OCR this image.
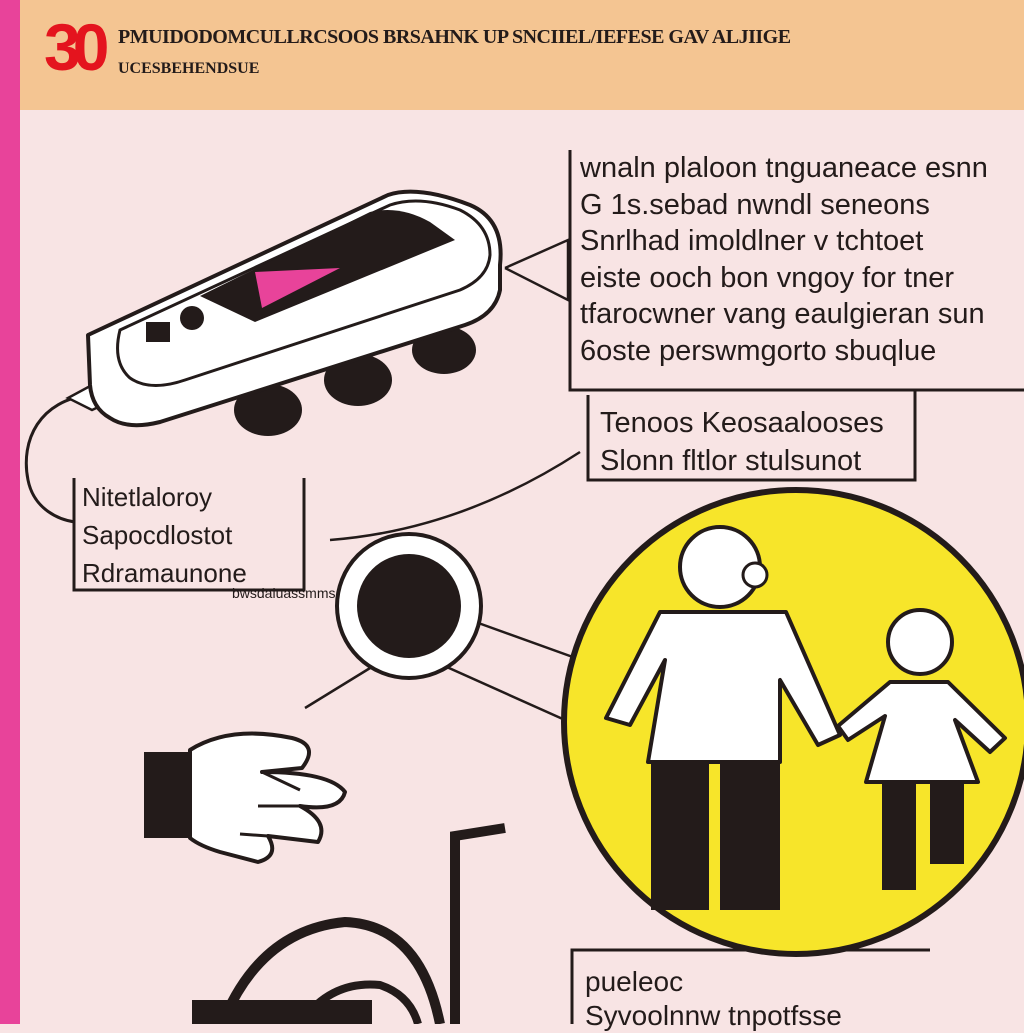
30 PMUIDODOMCULLRCSOOS BRSAHNK UP SNCIIEL/IEFESE GAV ALJIIGE
UCESBEHENDSUE
wnaln plaloon tnguaneace esnn
G 1s.sebad nwndl seneons
Snrlhad imoldlner v tchtoet
eiste ooch bon vngoy for tner
tfarocwner vang eaulgieran sun
6oste perswmgorto sbuqlue
Tenoos Keosaalooses
Slonn fltlor stulsunot
Nitetlaloroy
Sapocdlostot
Rdramaunone
bwsdaluassmms
pueleoc
Syvoolnnw tnpotfsse
